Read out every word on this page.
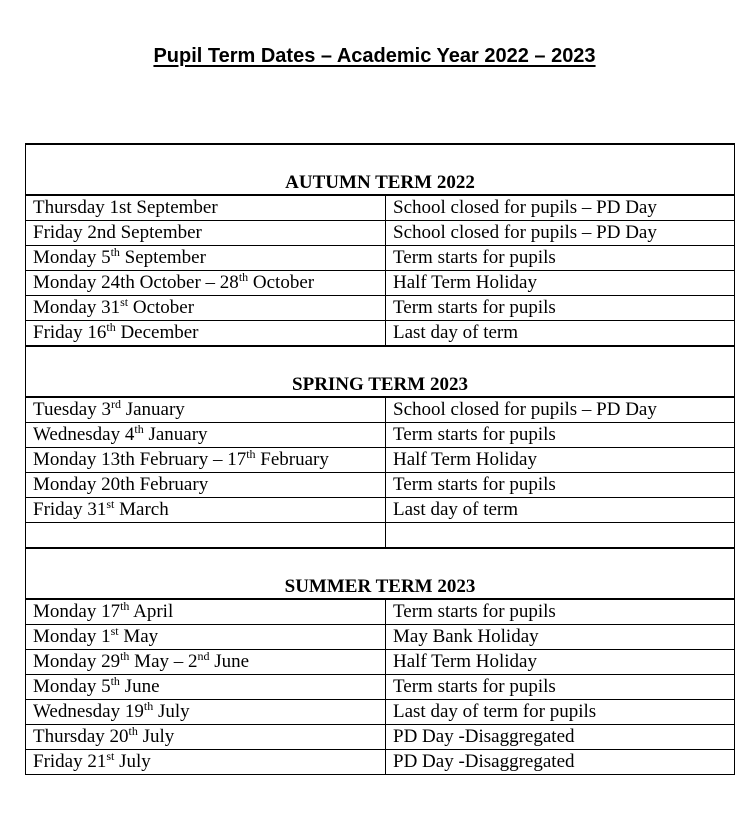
Pupil Term Dates – Academic Year 2022 – 2023
AUTUMN TERM 2022	
Thursday 1st September	School closed for pupils – PD Day
Friday 2nd September	School closed for pupils – PD Day
Monday 5th September	Term starts for pupils
Monday 24th October – 28th October	Half Term Holiday
Monday 31st October	Term starts for pupils
Friday 16th December	Last day of term
SPRING TERM 2023	
Tuesday 3rd January	School closed for pupils – PD Day
Wednesday 4th January	Term starts for pupils
Monday 13th February – 17th February	Half Term Holiday
Monday 20th February	Term starts for pupils
Friday 31st March	Last day of term

SUMMER TERM 2023	
Monday 17th April	Term starts for pupils
Monday 1st May	May Bank Holiday
Monday 29th May – 2nd June	Half Term Holiday
Monday 5th June	Term starts for pupils
Wednesday 19th July	Last day of term for pupils
Thursday 20th July	PD Day -Disaggregated
Friday 21st July	PD Day -Disaggregated
